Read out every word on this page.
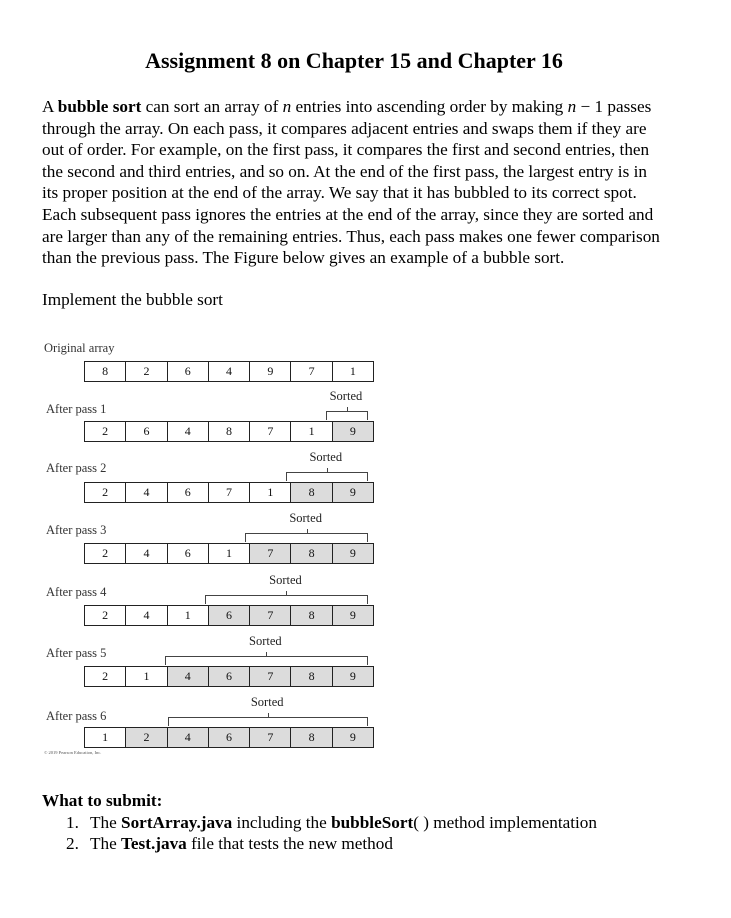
Assignment 8 on Chapter 15 and Chapter 16
A bubble sort can sort an array of n entries into ascending order by making n − 1 passes through the array. On each pass, it compares adjacent entries and swaps them if they are out of order. For example, on the first pass, it compares the first and second entries, then the second and third entries, and so on. At the end of the first pass, the largest entry is in its proper position at the end of the array. We say that it has bubbled to its correct spot. Each subsequent pass ignores the entries at the end of the array, since they are sorted and are larger than any of the remaining entries. Thus, each pass makes one fewer comparison than the previous pass. The Figure below gives an example of a bubble sort.
Implement the bubble sort
Original array
8	2	6	4	9	7	1
After pass 1
2	6	4	8	7	1	9
Sorted
After pass 2
2	4	6	7	1	8	9
Sorted
After pass 3
2	4	6	1	7	8	9
Sorted
After pass 4
2	4	1	6	7	8	9
Sorted
After pass 5
2	1	4	6	7	8	9
Sorted
After pass 6
1	2	4	6	7	8	9
Sorted
© 2019 Pearson Education, Inc.
What to submit:
1. The SortArray.java including the bubbleSort( ) method implementation
2. The Test.java file that tests the new method
